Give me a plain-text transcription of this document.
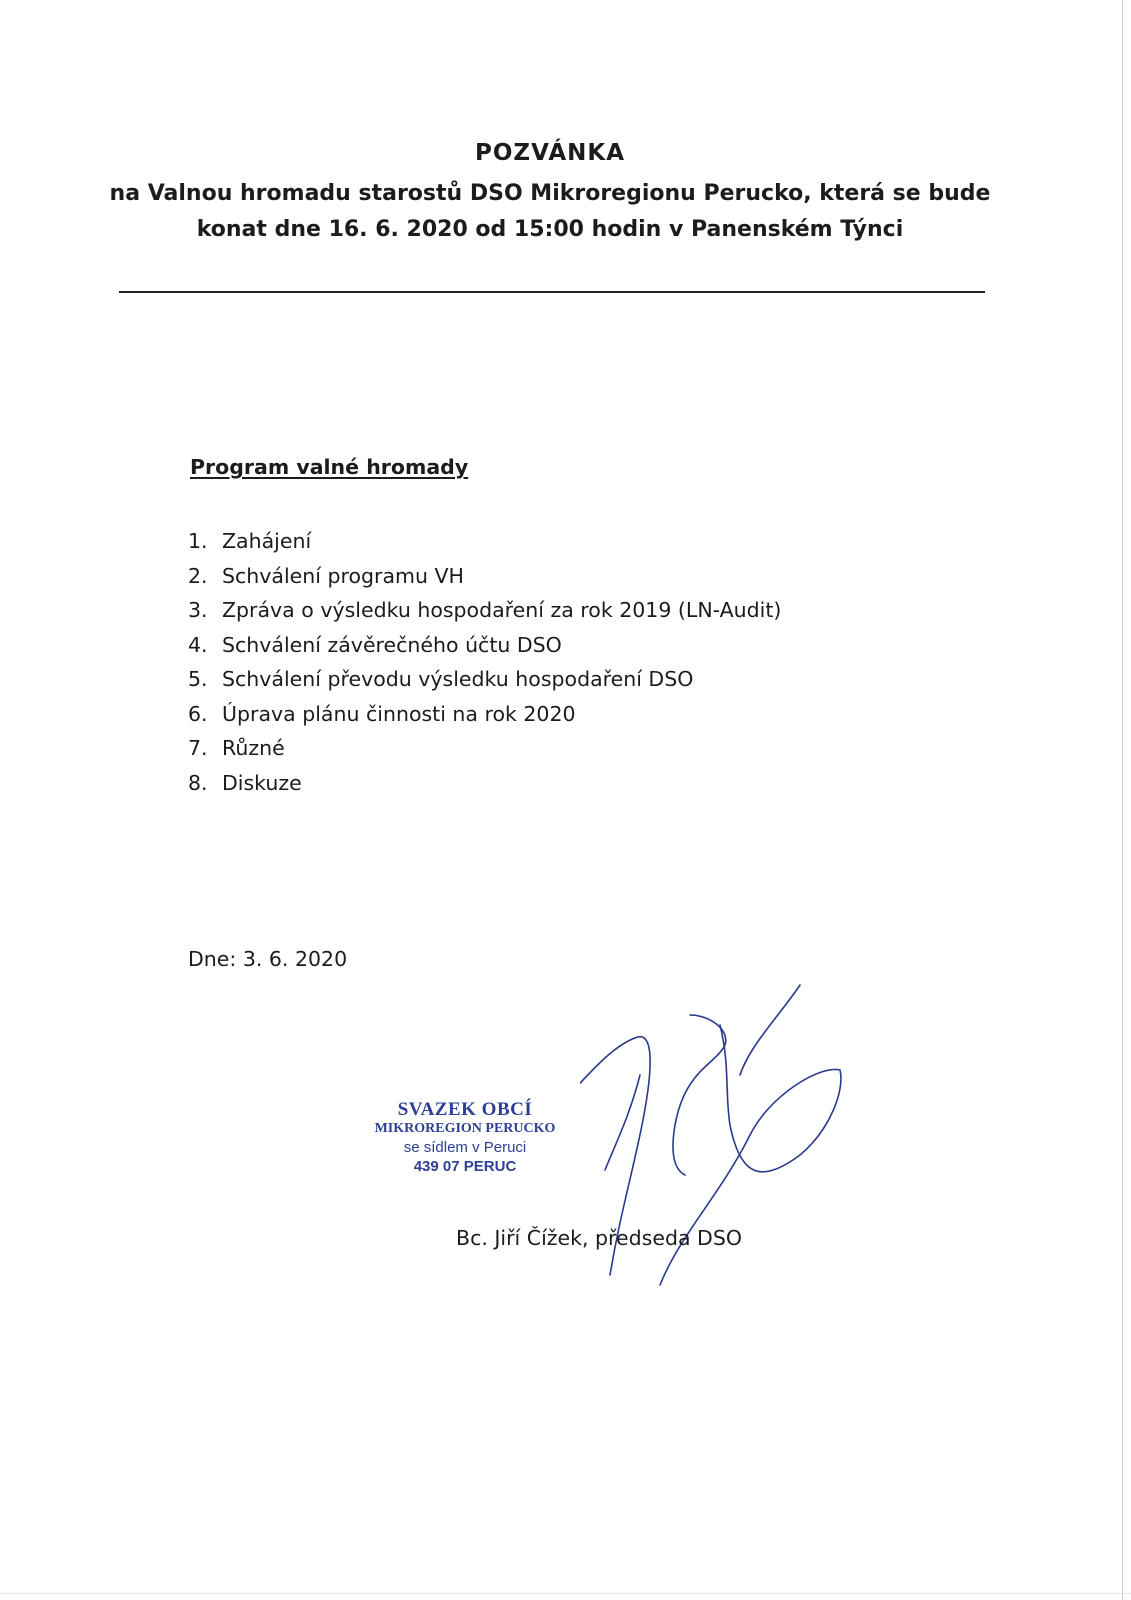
POZVÁNKA
na Valnou hromadu starostů DSO Mikroregionu Perucko, která se bude
konat dne 16. 6. 2020 od 15:00 hodin v Panenském Týnci
Program valné hromady
1. Zahájení
2. Schválení programu VH
3. Zpráva o výsledku hospodaření za rok 2019 (LN-Audit)
4. Schválení závěrečného účtu DSO
5. Schválení převodu výsledku hospodaření DSO
6. Úprava plánu činnosti na rok 2020
7. Různé
8. Diskuze
Dne: 3. 6. 2020
SVAZEK OBCÍ
MIKROREGION PERUCKO
se sídlem v Peruci
439 07 PERUC
Bc. Jiří Čížek, předseda DSO
